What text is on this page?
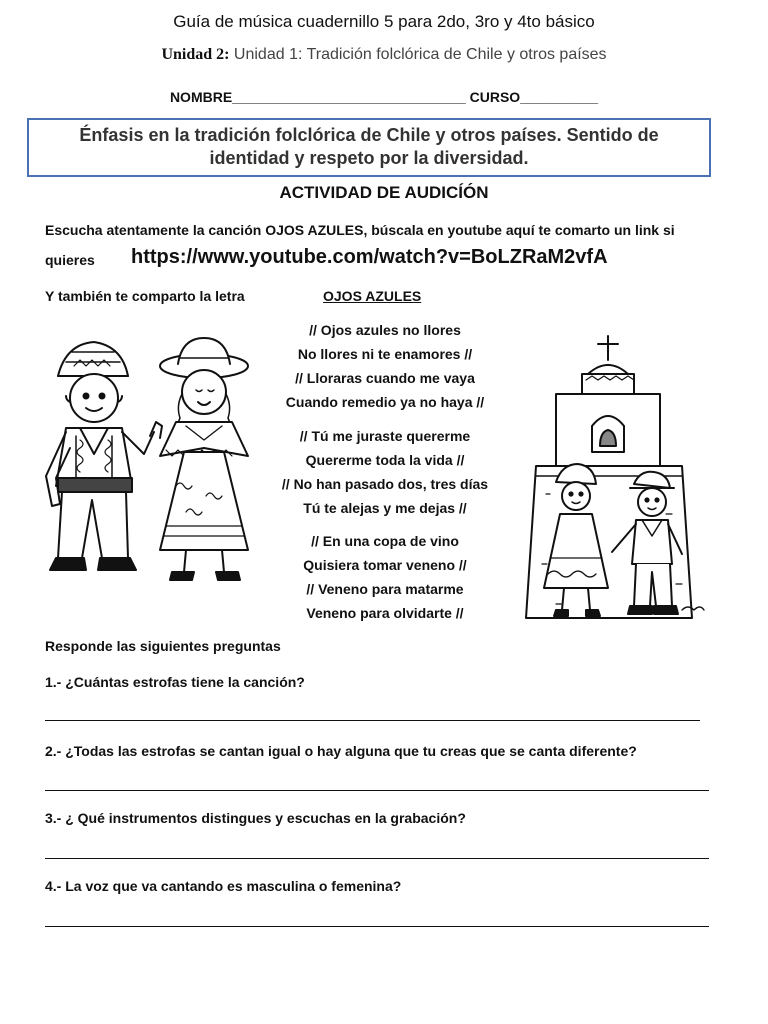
Guía de música cuadernillo 5 para 2do, 3ro y 4to básico
Unidad 2: Unidad 1: Tradición folclórica de Chile y otros países
NOMBRE______________________________ CURSO__________
Énfasis en la tradición folclórica de Chile y otros países. Sentido de
identidad y respeto por la diversidad.
ACTIVIDAD DE AUDICÍÓN
Escucha atentamente la canción OJOS AZULES, búscala en youtube aquí te comarto un link si
quieres https://www.youtube.com/watch?v=BoLZRaM2vfA
Y también te comparto la letra	OJOS AZULES
// Ojos azules no llores
No llores ni te enamores //
// Lloraras cuando me vaya
Cuando remedio ya no haya //
// Tú me juraste quererme
Quererme toda la vida //
// No han pasado dos, tres días
Tú te alejas y me dejas //
// En una copa de vino
Quisiera tomar veneno //
// Veneno para matarme
Veneno para olvidarte //
Responde las siguientes preguntas
1.- ¿Cuántas estrofas tiene la canción?
2.- ¿Todas las estrofas se cantan igual o hay alguna que tu creas que se canta diferente?
3.- ¿ Qué instrumentos distingues y escuchas en la grabación?
4.- La voz que va cantando es masculina o femenina?
